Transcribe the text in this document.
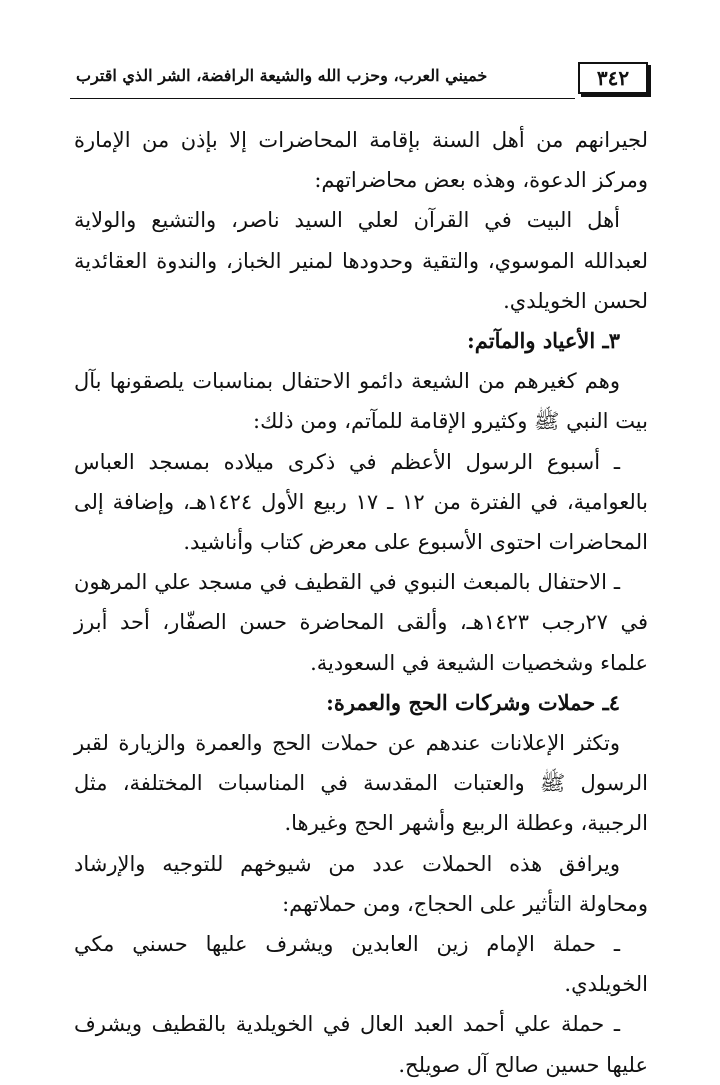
٣٤٢
خميني العرب، وحزب الله والشيعة الرافضة، الشر الذي اقترب

لجيرانهم من أهل السنة بإقامة المحاضرات إلا بإذن من الإمارة ومركز الدعوة، وهذه بعض محاضراتهم:

أهل البيت في القرآن لعلي السيد ناصر، والتشيع والولاية لعبدالله الموسوي، والتقية وحدودها لمنير الخباز، والندوة العقائدية لحسن الخويلدي.

٣ـ الأعياد والمآتم:

وهم كغيرهم من الشيعة دائمو الاحتفال بمناسبات يلصقونها بآل بيت النبي ﷺ وكثيرو الإقامة للمآتم، ومن ذلك:

ـ أسبوع الرسول الأعظم في ذكرى ميلاده بمسجد العباس بالعوامية، في الفترة من ١٢ ـ ١٧ ربيع الأول ١٤٢٤هـ، وإضافة إلى المحاضرات احتوى الأسبوع على معرض كتاب وأناشيد.

ـ الاحتفال بالمبعث النبوي في القطيف في مسجد علي المرهون في ٢٧رجب ١٤٢٣هـ، وألقى المحاضرة حسن الصفّار، أحد أبرز علماء وشخصيات الشيعة في السعودية.

٤ـ حملات وشركات الحج والعمرة:

وتكثر الإعلانات عندهم عن حملات الحج والعمرة والزيارة لقبر الرسول ﷺ والعتبات المقدسة في المناسبات المختلفة، مثل الرجبية، وعطلة الربيع وأشهر الحج وغيرها.

ويرافق هذه الحملات عدد من شيوخهم للتوجيه والإرشاد ومحاولة التأثير على الحجاج، ومن حملاتهم:

ـ حملة الإمام زين العابدين ويشرف عليها حسني مكي الخويلدي.

ـ حملة علي أحمد العبد العال في الخويلدية بالقطيف ويشرف عليها حسين صالح آل صويلح.
